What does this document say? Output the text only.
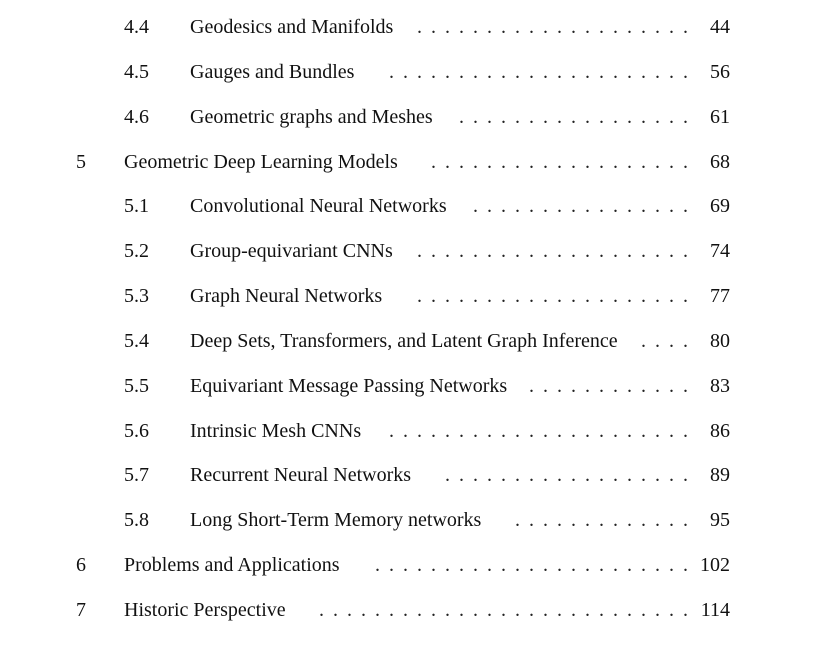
4.4 Geodesics and Manifolds	. . . . . . . . . . . . . . . . . . . . 44
4.5 Gauges and Bundles	. . . . . . . . . . . . . . . . . . . . . . 56
4.6 Geometric graphs and Meshes	. . . . . . . . . . . . . . . . . 61
5 Geometric Deep Learning Models	. . . . . . . . . . . . . . . . . . . 68
5.1 Convolutional Neural Networks	. . . . . . . . . . . . . . . . 69
5.2 Group-equivariant CNNs	. . . . . . . . . . . . . . . . . . . . 74
5.3 Graph Neural Networks	. . . . . . . . . . . . . . . . . . . . 77
5.4 Deep Sets, Transformers, and Latent Graph Inference	. . . . 80
5.5 Equivariant Message Passing Networks	. . . . . . . . . . . . 83
5.6 Intrinsic Mesh CNNs	. . . . . . . . . . . . . . . . . . . . . . 86
5.7 Recurrent Neural Networks	. . . . . . . . . . . . . . . . . . 89
5.8 Long Short-Term Memory networks	. . . . . . . . . . . . . 95
6 Problems and Applications	. . . . . . . . . . . . . . . . . . . . . . . 102
7 Historic Perspective	. . . . . . . . . . . . . . . . . . . . . . . . . . . 114
